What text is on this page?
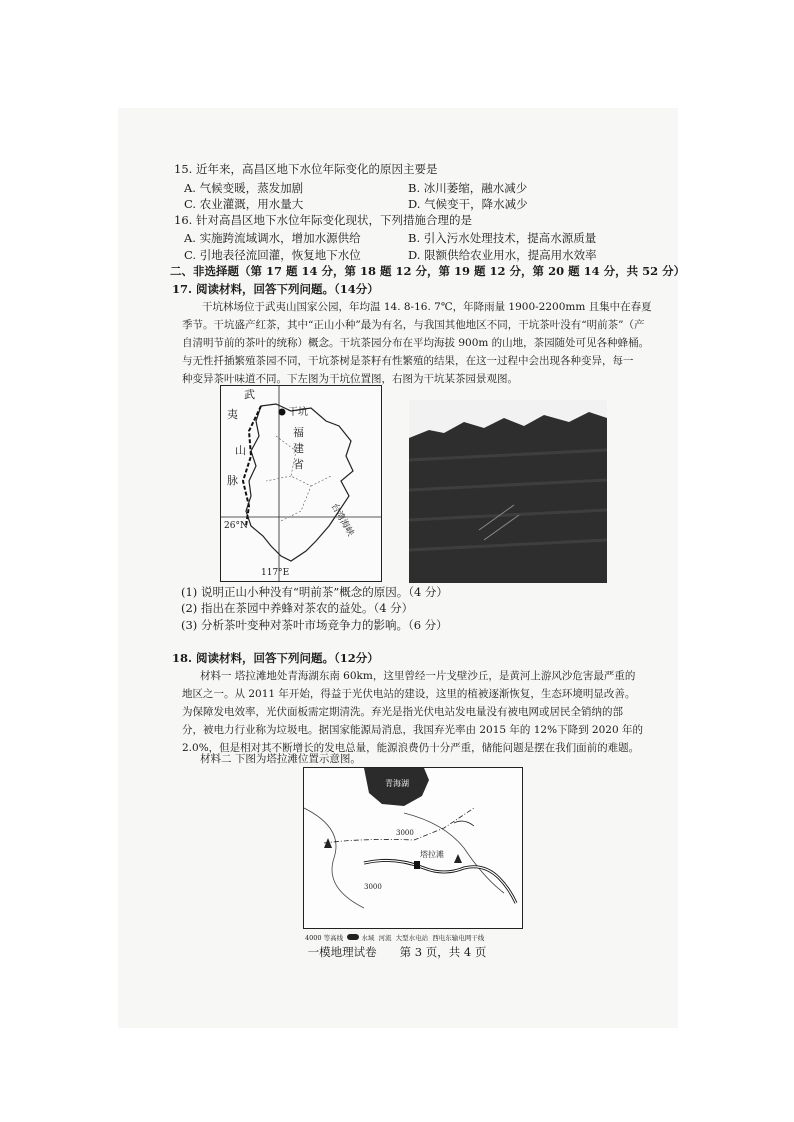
15. 近年来，高昌区地下水位年际变化的原因主要是
A. 气候变暖，蒸发加剧	B. 冰川萎缩，融水减少
C. 农业灌溉，用水量大	D. 气候变干，降水减少
16. 针对高昌区地下水位年际变化现状，下列措施合理的是
A. 实施跨流域调水，增加水源供给	B. 引入污水处理技术，提高水源质量
C. 引地表径流回灌，恢复地下水位	D. 限额供给农业用水，提高用水效率
二、非选择题（第 17 题 14 分，第 18 题 12 分，第 19 题 12 分，第 20 题 14 分，共 52 分）
17. 阅读材料，回答下列问题。（14分）
干坑林场位于武夷山国家公园，年均温 14. 8-16. 7℃，年降雨量 1900-2200mm 且集中在春夏
季节。干坑盛产红茶，其中“正山小种”最为有名，与我国其他地区不同，干坑茶叶没有“明前茶”（产
自清明节前的茶叶的统称）概念。干坑茶园分布在平均海拔 900m 的山地，茶园随处可见各种蜂桶。
与无性扦插繁殖茶园不同，干坑茶树是茶籽有性繁殖的结果，在这一过程中会出现各种变异，每一
种变异茶叶味道不同。下左图为干坑位置图，右图为干坑某茶园景观图。
武
夷
山
脉
干坑
福
建
省
台湾海峡
26°N
117°E
(1) 说明正山小种没有“明前茶”概念的原因。（4 分）
(2) 指出在茶园中养蜂对茶农的益处。（4 分）
(3) 分析茶叶变种对茶叶市场竞争力的影响。（6 分）
18. 阅读材料，回答下列问题。（12分）
材料一 塔拉滩地处青海湖东南 60km，这里曾经一片戈壁沙丘，是黄河上游风沙危害最严重的
地区之一。从 2011 年开始，得益于光伏电站的建设，这里的植被逐渐恢复，生态环境明显改善。
为保障发电效率，光伏面板需定期清洗。弃光是指光伏电站发电量没有被电网或居民全销纳的部
分，被电力行业称为垃圾电。据国家能源局消息，我国弃光率由 2015 年的 12%下降到 2020 年的
2.0%，但是相对其不断增长的发电总量，能源浪费仍十分严重，储能问题是摆在我们面前的难题。
材料二 下图为塔拉滩位置示意图。
青海湖
塔拉滩
3000
3000
4000 等高线	水域 河流 大型水电站 西电东输电网干线
一模地理试卷　　第 3 页，共 4 页
